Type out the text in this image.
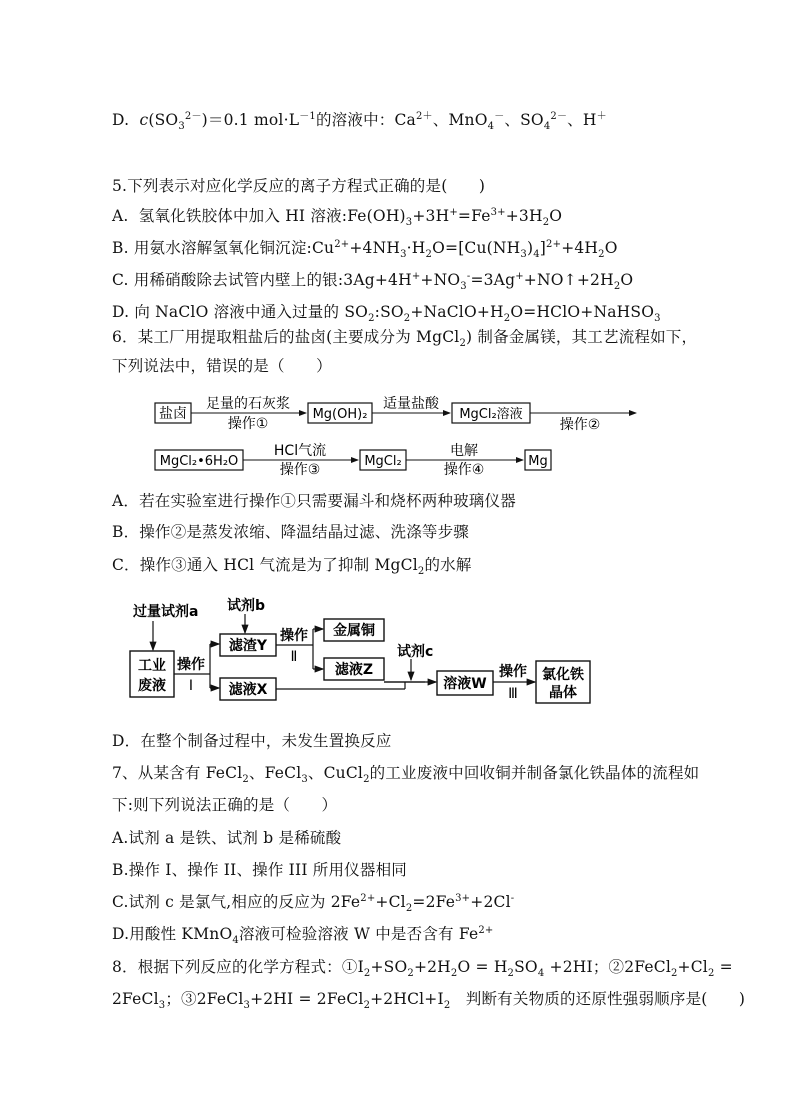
D.  $c(SO_3^{2-})=0.1$ $mol\cdot L^{-1}$的溶液中：$Ca^{2+}$、MnO$_4$－、$SO_4^{2-}$、H＋
5.下列表示对应化学反应的离子方程式正确的是(　　)
A.  氢氧化铁胶体中加入 HI 溶液$:Fe(OH)_3+3H^+=Fe^{3+}+3H_2O$
B. 用氨水溶解氢氧化铜沉淀$:Cu^{2+}+4NH_3\cdot H_2O=[Cu(NH_3)_4]^{2+}+4H_2O$
C. 用稀硝酸除去试管内壁上的银$:3Ag+4H^++NO_3^-=3Ag^++NO↑+2H_2O$
D. 向 NaClO 溶液中通入过量的 $SO_2:SO_2+NaClO+H_2O=HClO+NaHSO_3$
6．某工厂用提取粗盐后的盐卤(主要成分为 MgCl$_2$) 制备金属镁，其工艺流程如下，
下列说法中，错误的是（　　）
盐卤
足量的石灰浆
操作①
Mg(OH)₂
适量盐酸
MgCl₂溶液
操作②
MgCl₂•6H₂O
HCl气流
操作③
MgCl₂
电解
操作④
Mg
A．若在实验室进行操作①只需要漏斗和烧杯两种玻璃仪器
B．操作②是蒸发浓缩、降温结晶过滤、洗涤等步骤
C．操作③通入 HCl 气流是为了抑制 MgCl$_2$的水解
过量试剂a
工业
废液
操作
Ⅰ
试剂b
滤渣Y
滤液X
操作
Ⅱ
金属铜
滤液Z
试剂c
溶液W
操作
Ⅲ
氯化铁
晶体
D．在整个制备过程中，未发生置换反应
7、从某含有 FeCl$_2$、FeCl$_3$、CuCl$_2$的工业废液中回收铜并制备氯化铁晶体的流程如
下:则下列说法正确的是（　　）
A.试剂 a 是铁、试剂 b 是稀硫酸
B.操作 I、操作 II、操作 III 所用仪器相同
C.试剂 c 是氯气,相应的反应为 $2Fe^{2+}+Cl_2=2Fe^{3+}+2Cl^-$
D.用酸性 KMnO$_4$溶液可检验溶液 W 中是否含有 $Fe^{2+}$
8．根据下列反应的化学方程式：$①I_2+SO_2+2H_2O = H_2SO_4 +2HI$；$②2FeCl_2+Cl_2$ =
2FeCl$_3$；③2FeCl$_3$+2HI = $2FeCl_2+2HCl+I_2$   判断有关物质的还原性强弱顺序是(　　)
